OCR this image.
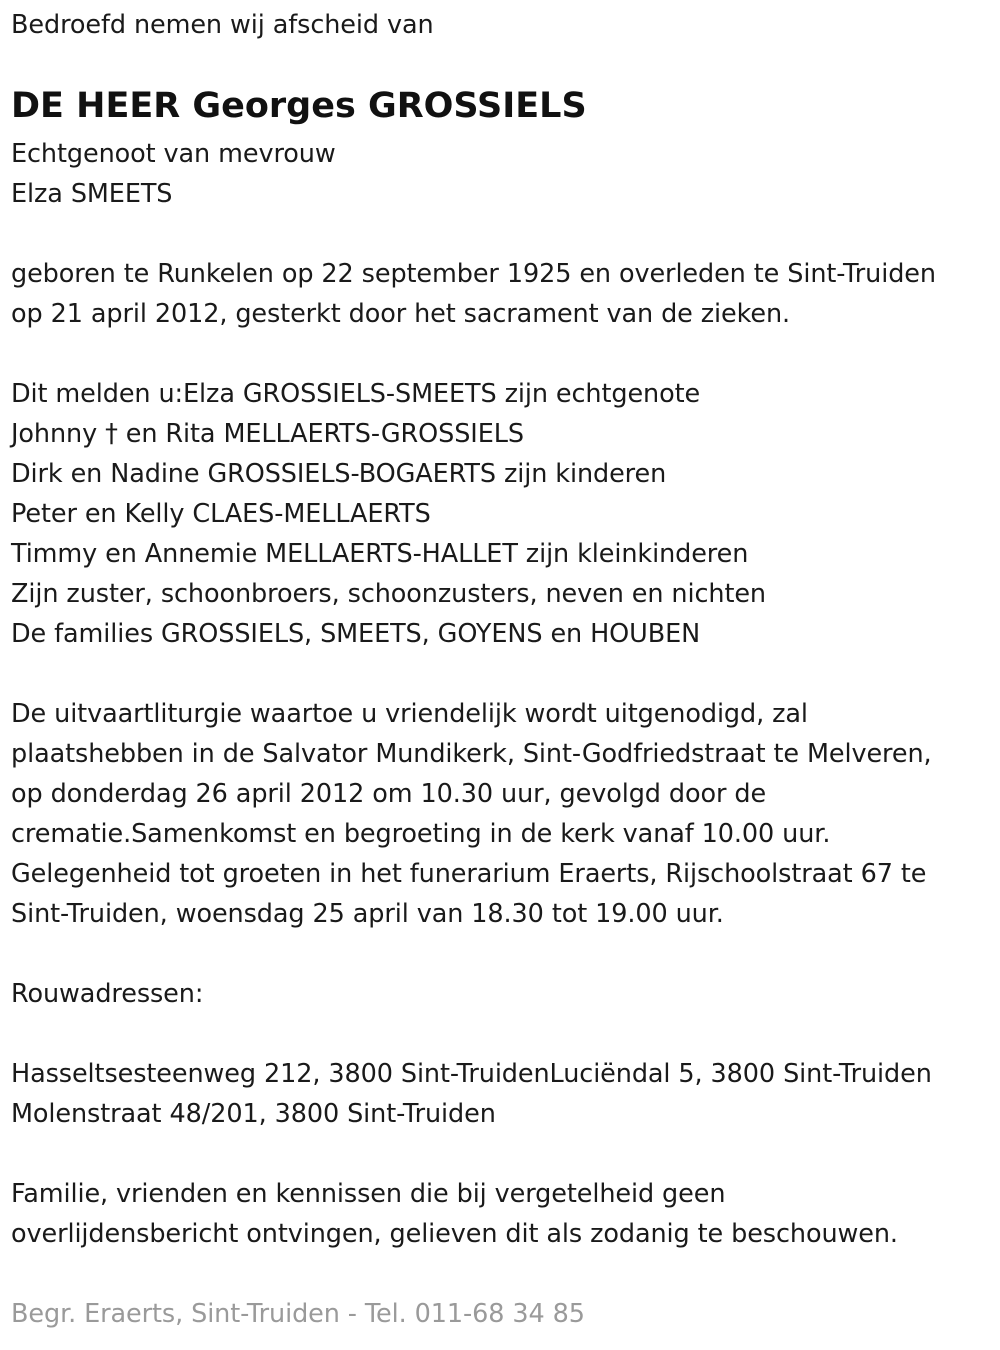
Bedroefd nemen wij afscheid van
DE HEER Georges GROSSIELS
Echtgenoot van mevrouw
Elza SMEETS
geboren te Runkelen op 22 september 1925 en overleden te Sint-Truiden
op 21 april 2012, gesterkt door het sacrament van de zieken.
Dit melden u:Elza GROSSIELS-SMEETS zijn echtgenote
Johnny † en Rita MELLAERTS-GROSSIELS
Dirk en Nadine GROSSIELS-BOGAERTS zijn kinderen
Peter en Kelly CLAES-MELLAERTS
Timmy en Annemie MELLAERTS-HALLET zijn kleinkinderen
Zijn zuster, schoonbroers, schoonzusters, neven en nichten
De families GROSSIELS, SMEETS, GOYENS en HOUBEN
De uitvaartliturgie waartoe u vriendelijk wordt uitgenodigd, zal
plaatshebben in de Salvator Mundikerk, Sint-Godfriedstraat te Melveren,
op donderdag 26 april 2012 om 10.30 uur, gevolgd door de
crematie.Samenkomst en begroeting in de kerk vanaf 10.00 uur.
Gelegenheid tot groeten in het funerarium Eraerts, Rijschoolstraat 67 te
Sint-Truiden, woensdag 25 april van 18.30 tot 19.00 uur.
Rouwadressen:
Hasseltsesteenweg 212, 3800 Sint-TruidenLuciëndal 5, 3800 Sint-Truiden
Molenstraat 48/201, 3800 Sint-Truiden
Familie, vrienden en kennissen die bij vergetelheid geen
overlijdensbericht ontvingen, gelieven dit als zodanig te beschouwen.
Begr. Eraerts, Sint-Truiden - Tel. 011-68 34 85
